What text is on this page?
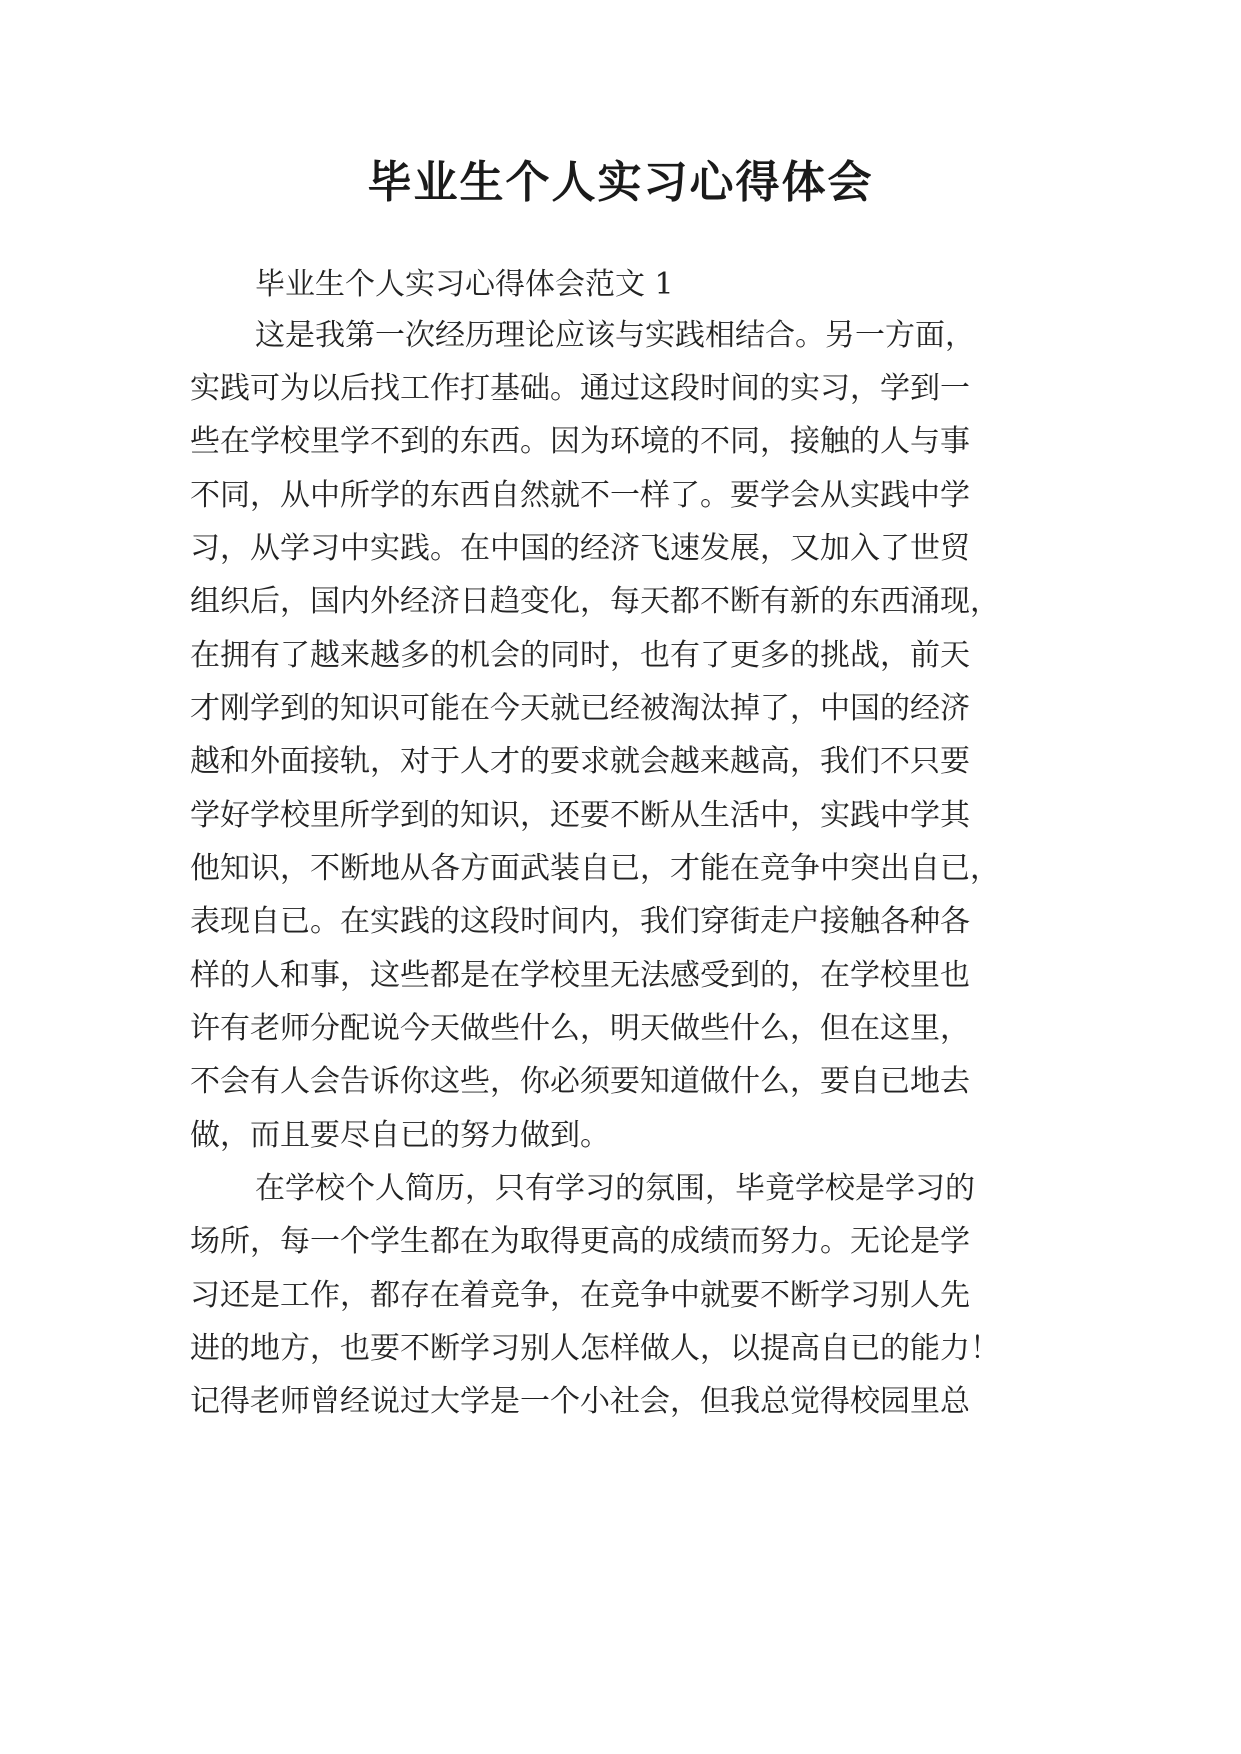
毕业生个人实习心得体会
毕业生个人实习心得体会范文 1
这是我第一次经历理论应该与实践相结合。另一方面，
实践可为以后找工作打基础。通过这段时间的实习，学到一
些在学校里学不到的东西。因为环境的不同，接触的人与事
不同，从中所学的东西自然就不一样了。要学会从实践中学
习，从学习中实践。在中国的经济飞速发展，又加入了世贸
组织后，国内外经济日趋变化，每天都不断有新的东西涌现，
在拥有了越来越多的机会的同时，也有了更多的挑战，前天
才刚学到的知识可能在今天就已经被淘汰掉了，中国的经济
越和外面接轨，对于人才的要求就会越来越高，我们不只要
学好学校里所学到的知识，还要不断从生活中，实践中学其
他知识，不断地从各方面武装自已，才能在竞争中突出自已，
表现自已。在实践的这段时间内，我们穿街走户接触各种各
样的人和事，这些都是在学校里无法感受到的，在学校里也
许有老师分配说今天做些什么，明天做些什么，但在这里，
不会有人会告诉你这些，你必须要知道做什么，要自已地去
做，而且要尽自已的努力做到。
在学校个人简历，只有学习的氛围，毕竟学校是学习的
场所，每一个学生都在为取得更高的成绩而努力。无论是学
习还是工作，都存在着竞争，在竞争中就要不断学习别人先
进的地方，也要不断学习别人怎样做人，以提高自已的能力！
记得老师曾经说过大学是一个小社会，但我总觉得校园里总
